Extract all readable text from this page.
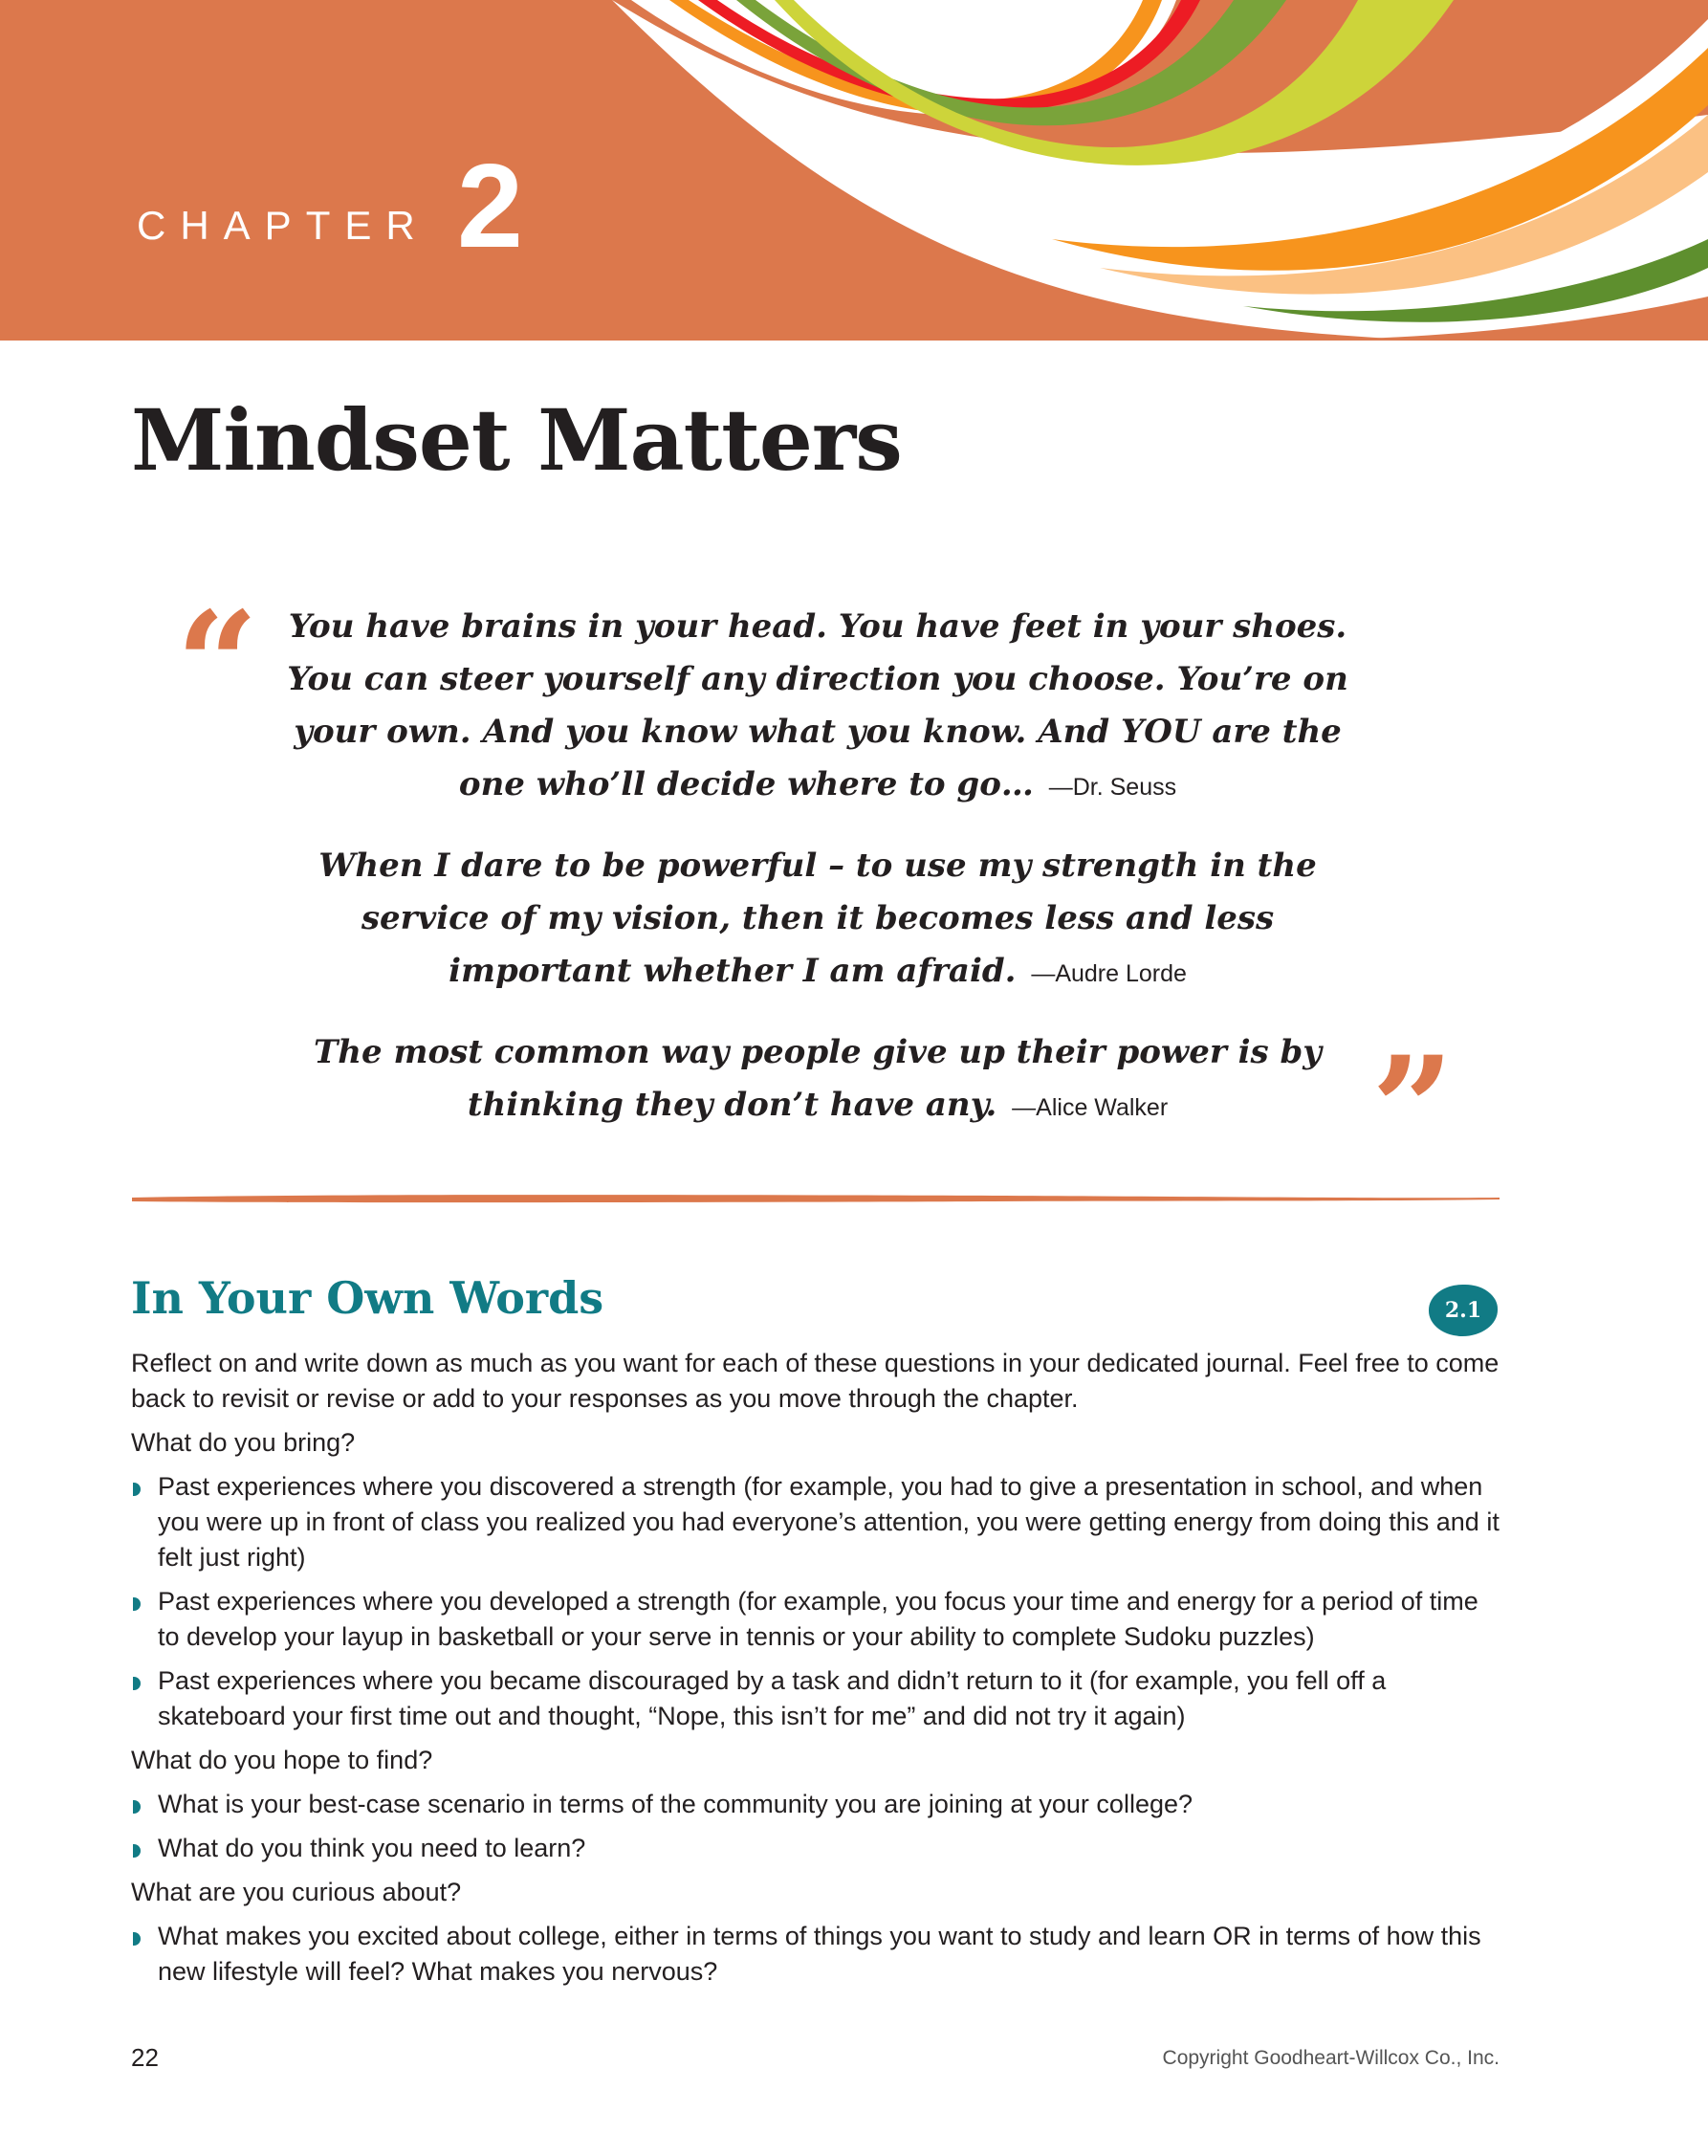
CHAPTER 2
Mindset Matters
“
”

You have brains in your head. You have feet in your shoes. You can steer yourself any direction you choose. You’re on your own. And you know what you know. And YOU are the one who’ll decide where to go… —Dr. Seuss

When I dare to be powerful – to use my strength in the service of my vision, then it becomes less and less important whether I am afraid. —Audre Lorde

The most common way people give up their power is by thinking they don’t have any. —Alice Walker

In Your Own Words	2.1

Reflect on and write down as much as you want for each of these questions in your dedicated journal. Feel free to come back to revisit or revise or add to your responses as you move through the chapter.

What do you bring?

Past experiences where you discovered a strength (for example, you had to give a presentation in school, and when you were up in front of class you realized you had everyone’s attention, you were getting energy from doing this and it felt just right)
Past experiences where you developed a strength (for example, you focus your time and energy for a period of time to develop your layup in basketball or your serve in tennis or your ability to complete Sudoku puzzles)
Past experiences where you became discouraged by a task and didn’t return to it (for example, you fell off a skateboard your first time out and thought, “Nope, this isn’t for me” and did not try it again)

What do you hope to find?

What is your best-case scenario in terms of the community you are joining at your college?
What do you think you need to learn?

What are you curious about?

What makes you excited about college, either in terms of things you want to study and learn OR in terms of how this new lifestyle will feel? What makes you nervous?
22	Copyright Goodheart-Willcox Co., Inc.
